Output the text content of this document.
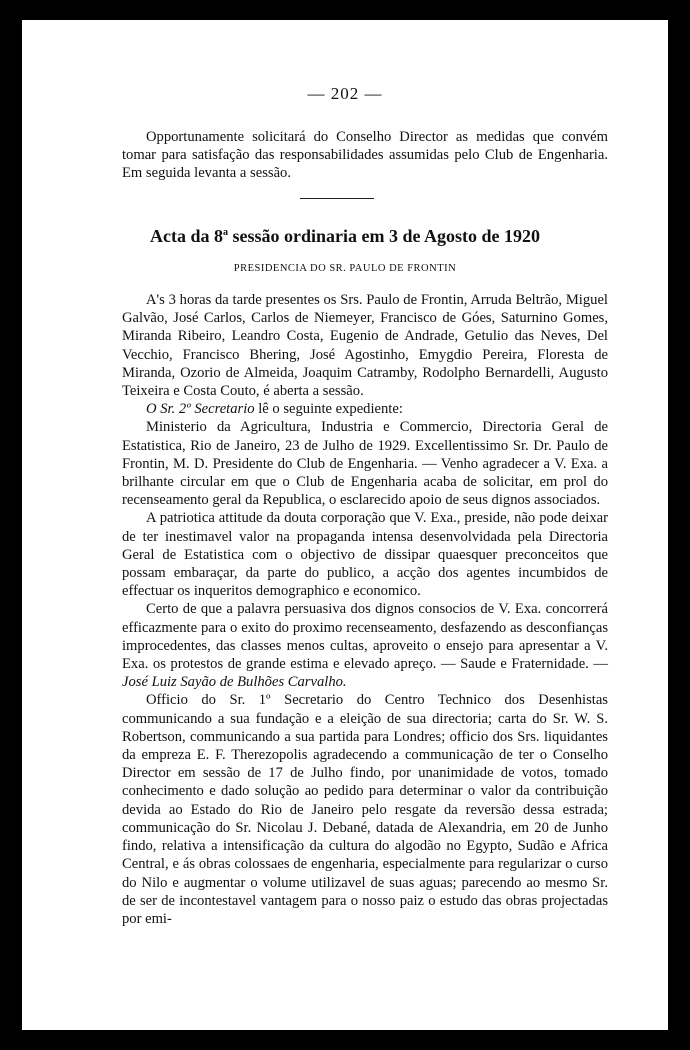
— 202 —

Opportunamente solicitará do Conselho Director as medidas que convém tomar para satisfação das responsabilidades assumidas pelo Club de Engenharia. Em seguida levanta a sessão.

Acta da 8$^a$ sessão ordinaria em 3 de Agosto de 1920
PRESIDENCIA DO SR. PAULO DE FRONTIN

A's 3 horas da tarde presentes os Srs. Paulo de Frontin, Arruda Beltrão, Miguel Galvão, José Carlos, Carlos de Niemeyer, Francisco de Góes, Saturnino Gomes, Miranda Ribeiro, Leandro Costa, Eugenio de Andrade, Getulio das Neves, Del Vecchio, Francisco Bhering, José Agostinho, Emygdio Pereira, Floresta de Miranda, Ozorio de Almeida, Joaquim Catramby, Rodolpho Bernardelli, Augusto Teixeira e Costa Couto, é aberta a sessão.

O Sr. 2º Secretario lê o seguinte expediente:

Ministerio da Agricultura, Industria e Commercio, Directoria Geral de Estatistica, Rio de Janeiro, 23 de Julho de 1929. Excellentissimo Sr. Dr. Paulo de Frontin, M. D. Presidente do Club de Engenharia. — Venho agradecer a V. Exa. a brilhante circular em que o Club de Engenharia acaba de solicitar, em prol do recenseamento geral da Republica, o esclarecido apoio de seus dignos associados.

A patriotica attitude da douta corporação que V. Exa., preside, não pode deixar de ter inestimavel valor na propaganda intensa desenvolvidada pela Directoria Geral de Estatistica com o objectivo de dissipar quaesquer preconceitos que possam embaraçar, da parte do publico, a acção dos agentes incumbidos de effectuar os inqueritos demographico e economico.

Certo de que a palavra persuasiva dos dignos consocios de V. Exa. concorrerá efficazmente para o exito do proximo recenseamento, desfazendo as desconfianças improcedentes, das classes menos cultas, aproveito o ensejo para apresentar a V. Exa. os protestos de grande estima e elevado apreço. — Saude e Fraternidade. — José Luiz Sayão de Bulhões Carvalho.

Officio do Sr. 1º Secretario do Centro Technico dos Desenhistas communicando a sua fundação e a eleição de sua directoria; carta do Sr. W. S. Robertson, communicando a sua partida para Londres; officio dos Srs. liquidantes da empreza E. F. Therezopolis agradecendo a communicação de ter o Conselho Director em sessão de 17 de Julho findo, por unanimidade de votos, tomado conhecimento e dado solução ao pedido para determinar o valor da contribuição devida ao Estado do Rio de Janeiro pelo resgate da reversão dessa estrada; communicação do Sr. Nicolau J. Debané, datada de Alexandria, em 20 de Junho findo, relativa a intensificação da cultura do algodão no Egypto, Sudão e Africa Central, e ás obras colossaes de engenharia, especialmente para regularizar o curso do Nilo e augmentar o volume utilizavel de suas aguas; parecendo ao mesmo Sr. de ser de incontestavel vantagem para o nosso paiz o estudo das obras projectadas por emi-
